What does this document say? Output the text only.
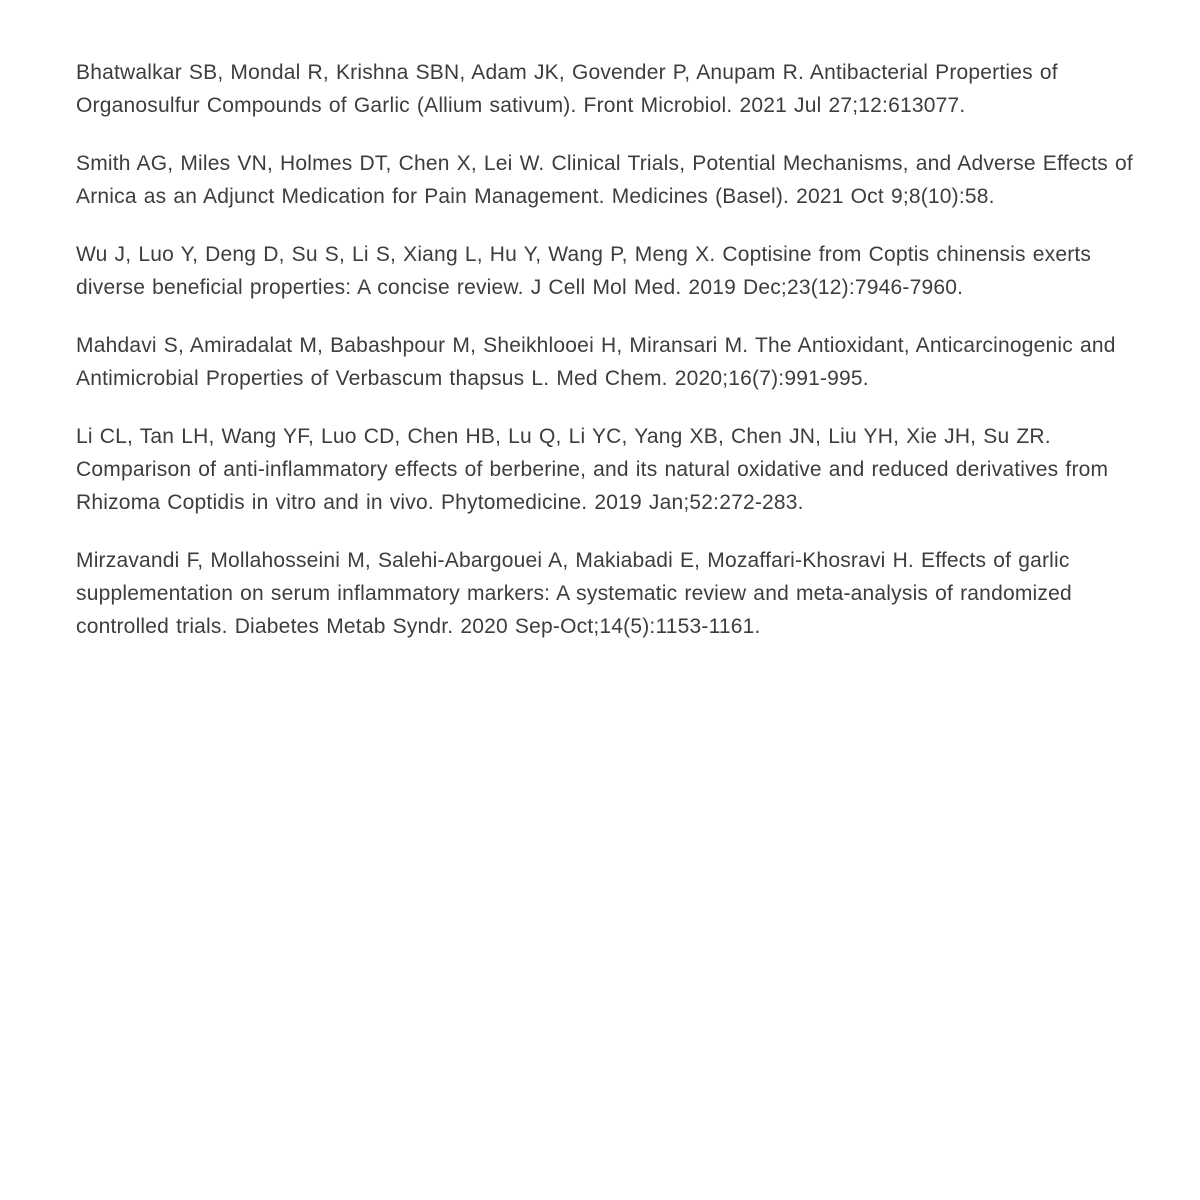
Bhatwalkar SB, Mondal R, Krishna SBN, Adam JK, Govender P, Anupam R. Antibacterial Properties of Organosulfur Compounds of Garlic (Allium sativum). Front Microbiol. 2021 Jul 27;12:613077.

Smith AG, Miles VN, Holmes DT, Chen X, Lei W. Clinical Trials, Potential Mechanisms, and Adverse Effects of Arnica as an Adjunct Medication for Pain Management. Medicines (Basel). 2021 Oct 9;8(10):58.

Wu J, Luo Y, Deng D, Su S, Li S, Xiang L, Hu Y, Wang P, Meng X. Coptisine from Coptis chinensis exerts diverse beneficial properties: A concise review. J Cell Mol Med. 2019 Dec;23(12):7946-7960.

Mahdavi S, Amiradalat M, Babashpour M, Sheikhlooei H, Miransari M. The Antioxidant, Anticarcinogenic and Antimicrobial Properties of Verbascum thapsus L. Med Chem. 2020;16(7):991-995.

Li CL, Tan LH, Wang YF, Luo CD, Chen HB, Lu Q, Li YC, Yang XB, Chen JN, Liu YH, Xie JH, Su ZR. Comparison of anti-inflammatory effects of berberine, and its natural oxidative and reduced derivatives from Rhizoma Coptidis in vitro and in vivo. Phytomedicine. 2019 Jan;52:272-283.

Mirzavandi F, Mollahosseini M, Salehi-Abargouei A, Makiabadi E, Mozaffari-Khosravi H. Effects of garlic supplementation on serum inflammatory markers: A systematic review and meta-analysis of randomized controlled trials. Diabetes Metab Syndr. 2020 Sep-Oct;14(5):1153-1161.
